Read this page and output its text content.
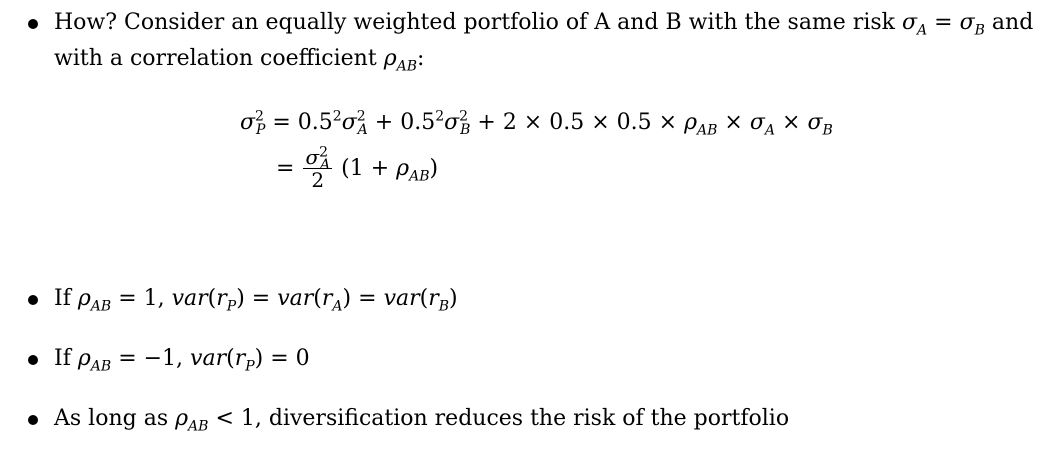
How? Consider an equally weighted portfolio of A and B with the same risk $\sigma_A = \sigma_B$ and
with a correlation coefficient $\rho_{AB}$:
$\sigma^2_P = 0.5^2\sigma^2_A + 0.5^2\sigma^2_B + 2 \times 0.5 \times 0.5 \times \rho_{AB} \times \sigma_A \times \sigma_B$
= $\frac{\sigma^2_A}{2} (1 + \rho_{AB})$
If $\rho_{AB} = 1$, $var(r_P) = var(r_A) = var(r_B)$
If $\rho_{AB} = -1$, $var(r_P) = 0$
As long as $\rho_{AB} < 1$, diversification reduces the risk of the portfolio
